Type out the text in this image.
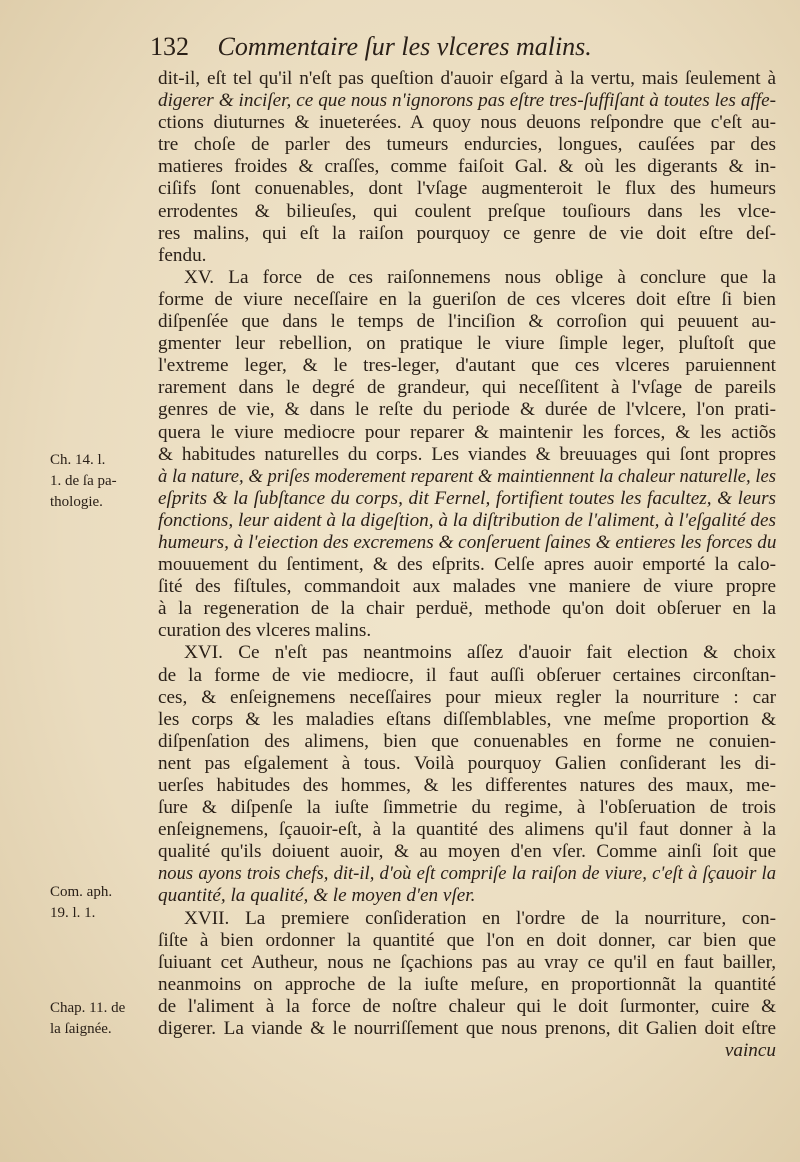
132 Commentaire ſur les vlceres malins.
dit-il, eſt tel qu'il n'eſt pas queſtion d'auoir eſgard à la vertu, mais ſeulement à
digerer & inciſer, ce que nous n'ignorons pas eſtre tres-ſuffiſant à toutes les affe-
ctions diuturnes & inueterées. A quoy nous deuons reſpondre que c'eſt au-
tre choſe de parler des tumeurs endurcies, longues, cauſées par des
matieres froides & craſſes, comme faiſoit Gal. & où les digerants & in-
ciſifs ſont conuenables, dont l'vſage augmenteroit le flux des humeurs
errodentes & bilieuſes, qui coulent preſque touſiours dans les vlce-
res malins, qui eſt la raiſon pourquoy ce genre de vie doit eſtre deſ-
fendu.
XV. La force de ces raiſonnemens nous oblige à conclure que la
forme de viure neceſſaire en la gueriſon de ces vlceres doit eſtre ſi bien
diſpenſée que dans le temps de l'inciſion & corroſion qui peuuent au-
gmenter leur rebellion, on pratique le viure ſimple leger, pluſtoſt que
l'extreme leger, & le tres-leger, d'autant que ces vlceres paruiennent
rarement dans le degré de grandeur, qui neceſſitent à l'vſage de pareils
genres de vie, & dans le reſte du periode & durée de l'vlcere, l'on prati-
quera le viure mediocre pour reparer & maintenir les forces, & les actiõs
& habitudes naturelles du corps. Les viandes & breuuages qui ſont propres
à la nature, & priſes moderement reparent & maintiennent la chaleur naturelle, les
eſprits & la ſubſtance du corps, dit Fernel, fortifient toutes les facultez, & leurs
fonctions, leur aident à la digeſtion, à la diſtribution de l'aliment, à l'eſgalité des
humeurs, à l'eiection des excremens & conſeruent ſaines & entieres les forces du
mouuement du ſentiment, & des eſprits. Celſe apres auoir emporté la calo-
ſité des fiſtules, commandoit aux malades vne maniere de viure propre
à la regeneration de la chair perduë, methode qu'on doit obſeruer en la
curation des vlceres malins.
XVI. Ce n'eſt pas neantmoins aſſez d'auoir fait election & choix
de la forme de vie mediocre, il faut auſſi obſeruer certaines circonſtan-
ces, & enſeignemens neceſſaires pour mieux regler la nourriture : car
les corps & les maladies eſtans diſſemblables, vne meſme proportion &
diſpenſation des alimens, bien que conuenables en forme ne conuien-
nent pas eſgalement à tous. Voilà pourquoy Galien conſiderant les di-
uerſes habitudes des hommes, & les differentes natures des maux, me-
ſure & diſpenſe la iuſte ſimmetrie du regime, à l'obſeruation de trois
enſeignemens, ſçauoir-eſt, à la quantité des alimens qu'il faut donner à la
qualité qu'ils doiuent auoir, & au moyen d'en vſer. Comme ainſi ſoit que
nous ayons trois chefs, dit-il, d'où eſt compriſe la raiſon de viure, c'eſt à ſçauoir la
quantité, la qualité, & le moyen d'en vſer.
XVII. La premiere conſideration en l'ordre de la nourriture, con-
ſiſte à bien ordonner la quantité que l'on en doit donner, car bien que
ſuiuant cet Autheur, nous ne ſçachions pas au vray ce qu'il en faut bailler,
neanmoins on approche de la iuſte meſure, en proportionnãt la quantité
de l'aliment à la force de noſtre chaleur qui le doit ſurmonter, cuire &
digerer. La viande & le nourriſſement que nous prenons, dit Galien doit eſtre
vaincu
Ch. 14. l.
1. de ſa pa-
thologie.
Com. aph.
19. l. 1.
Chap. 11. de
la ſaignée.
